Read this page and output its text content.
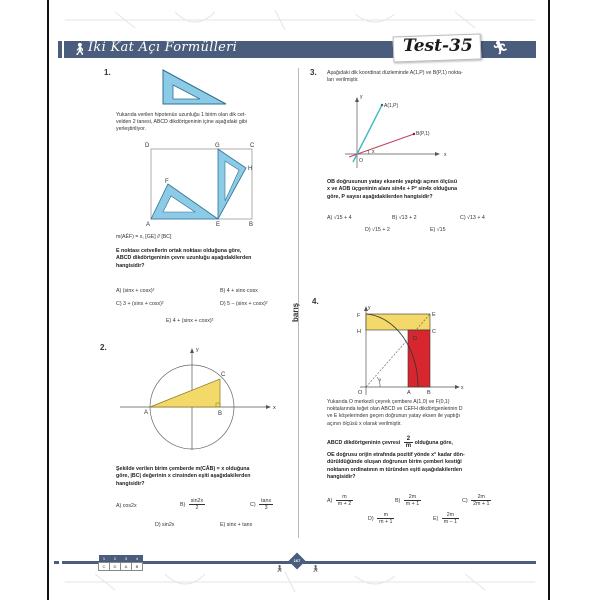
🚶︎ İki Kat Açı Formülleri	Test-35 🏃︎
barış
1.
Yukarıda verilen hipotenüs uzunluğu 1 birim olan dik cet-
velden 2 tanesi, ABCD dikdörtgeninin içine aşağıdaki gibi
yerleştiriliyor.
D	G	C
H
F
A	E	B
m(AÊF) = x, [GE] // [BC]
E noktası cetvellerin ortak noktası olduğuna göre,
ABCD dikdörtgeninin çevre uzunluğu aşağıdakilerden
hangisidir?
A) (sinx + cosx)²	B) 4 + sinx·cosx
C) 3 + (sinx + cosx)²	D) 5 – (sinx + cosx)²
E) 4 + (sinx + cosx)²
2.	y
x
A	B
C
Şekilde verilen birim çemberde m(CÂB) = x olduğuna
göre, |BC| değerinin x cinsinden eşiti aşağıdakilerden
hangisidir?
A) cos2x	$B) \frac{\sin 2x}{2}$	$C) \frac{\tan x}{3}$
D) sin2x	E) sinx + tanx
3. Aşağıdaki dik koordinat düzleminde A(1,P) ve B(P,1) nokta-
ları verilmiştir.
y
x
O
A(1,P)
B(P,1)
x
OB doğrusunun yatay eksenle yaptığı açının ölçüsü
x ve AOB üçgeninin alanı sin4x + P² sin4x olduğuna
göre, P sayısı aşağıdakilerden hangisidir?
A) √15 + 4	B) √13 + 2	C) √13 + 4
D) √15 + 2	E) √15
4.
y
x
F
H
E
C
D
O	A	B
x
Yukarıda O merkezli çeyrek çembere A(1,0) ve F(0,1)
noktalarında teğet olan ABCD ve CEFH dikdörtgenlerinin D
ve E köşelerinden geçen doğrunun yatay eksen ile yaptığı
açının ölçüsü x olarak verilmiştir.
ABCD dikdörtgeninin çevresi $\frac{2}{m}$ olduğuna göre,
OE doğrusu orijin etrafında pozitif yönde x° kadar dön-
dürüldüğünde oluşan doğrunun birim çemberi kestiği
noktanın ordinatının m türünden eşiti aşağıdakilerden
hangisidir?
$A) \frac{m}{m + 2}$	$B) \frac{2m}{m + 1}$	$C) \frac{2m}{2m + 1}$
$D) \frac{m}{m + 1}$	$E) \frac{2m}{m - 1}$
1	2	3	4
C	D	A	B
167
🚶︎	🚶︎
